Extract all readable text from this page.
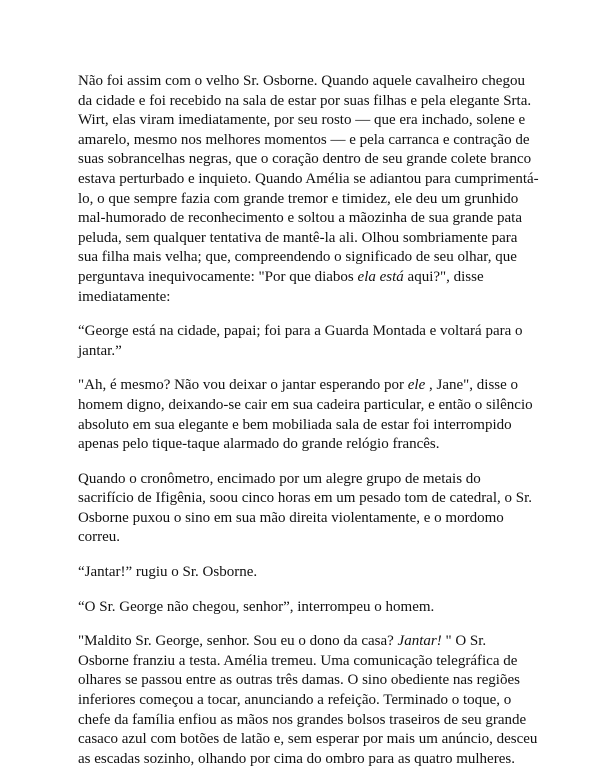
Não foi assim com o velho Sr. Osborne. Quando aquele cavalheiro chegou da cidade e foi recebido na sala de estar por suas filhas e pela elegante Srta. Wirt, elas viram imediatamente, por seu rosto — que era inchado, solene e amarelo, mesmo nos melhores momentos — e pela carranca e contração de suas sobrancelhas negras, que o coração dentro de seu grande colete branco estava perturbado e inquieto. Quando Amélia se adiantou para cumprimentá-lo, o que sempre fazia com grande tremor e timidez, ele deu um grunhido mal-humorado de reconhecimento e soltou a mãozinha de sua grande pata peluda, sem qualquer tentativa de mantê-la ali. Olhou sombriamente para sua filha mais velha; que, compreendendo o significado de seu olhar, que perguntava inequivocamente: "Por que diabos ela está aqui?", disse imediatamente:

“George está na cidade, papai; foi para a Guarda Montada e voltará para o jantar.”

"Ah, é mesmo? Não vou deixar o jantar esperando por ele , Jane", disse o homem digno, deixando-se cair em sua cadeira particular, e então o silêncio absoluto em sua elegante e bem mobiliada sala de estar foi interrompido apenas pelo tique-taque alarmado do grande relógio francês.

Quando o cronômetro, encimado por um alegre grupo de metais do sacrifício de Ifigênia, soou cinco horas em um pesado tom de catedral, o Sr. Osborne puxou o sino em sua mão direita violentamente, e o mordomo correu.

“Jantar!” rugiu o Sr. Osborne.

“O Sr. George não chegou, senhor”, interrompeu o homem.

"Maldito Sr. George, senhor. Sou eu o dono da casa? Jantar! " O Sr. Osborne franziu a testa. Amélia tremeu. Uma comunicação telegráfica de olhares se passou entre as outras três damas. O sino obediente nas regiões inferiores começou a tocar, anunciando a refeição. Terminado o toque, o chefe da família enfiou as mãos nos grandes bolsos traseiros de seu grande casaco azul com botões de latão e, sem esperar por mais um anúncio, desceu as escadas sozinho, olhando por cima do ombro para as quatro mulheres.
